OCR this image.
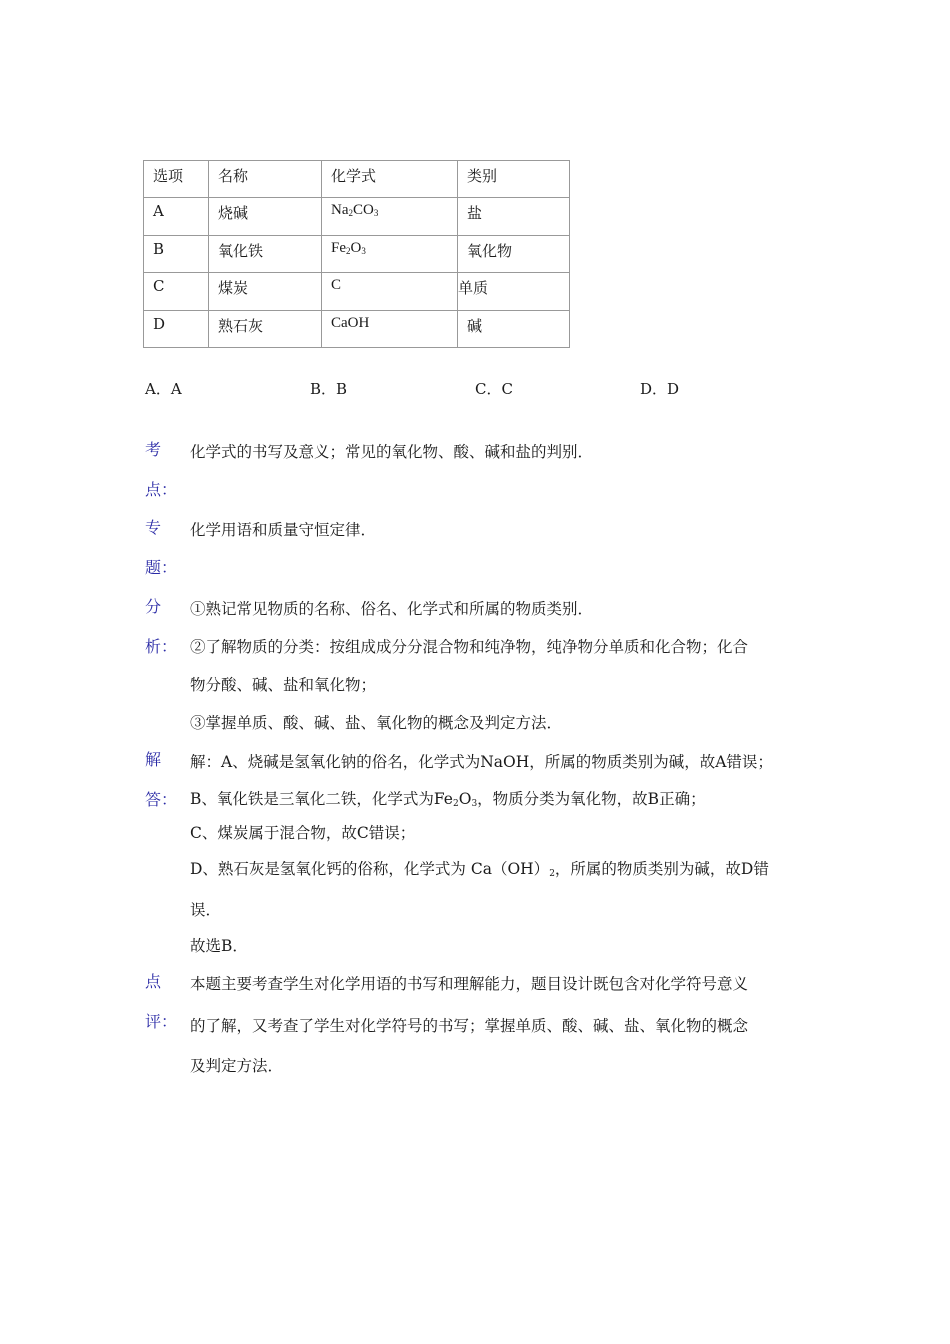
选项	名称	化学式	类别
A	烧碱	$Na_2CO_3$	盐
B	氧化铁	$Fe_2O_3$	氧化物
C	煤炭	C	单质
D	熟石灰	CaOH	碱
A．A	B．B	C．C	D．D
考
点：
化学式的书写及意义；常见的氧化物、酸、碱和盐的判别．
专
题：
化学用语和质量守恒定律．
分
析：
①熟记常见物质的名称、俗名、化学式和所属的物质类别．
②了解物质的分类：按组成成分分混合物和纯净物，纯净物分单质和化合物；化合
物分酸、碱、盐和氧化物；
③掌握单质、酸、碱、盐、氧化物的概念及判定方法．
解
答：
解：A、烧碱是氢氧化钠的俗名，化学式为NaOH，所属的物质类别为碱，故A错误；
B、氧化铁是三氧化二铁，化学式为$Fe_2O_3$，物质分类为氧化物，故B正确；
C、煤炭属于混合物，故C错误；
D、熟石灰是氢氧化钙的俗称，化学式为 $Ca(OH)_2$，所属的物质类别为碱，故D错
误．
故选B．
点
评：
本题主要考查学生对化学用语的书写和理解能力，题目设计既包含对化学符号意义
的了解，又考查了学生对化学符号的书写；掌握单质、酸、碱、盐、氧化物的概念
及判定方法．
